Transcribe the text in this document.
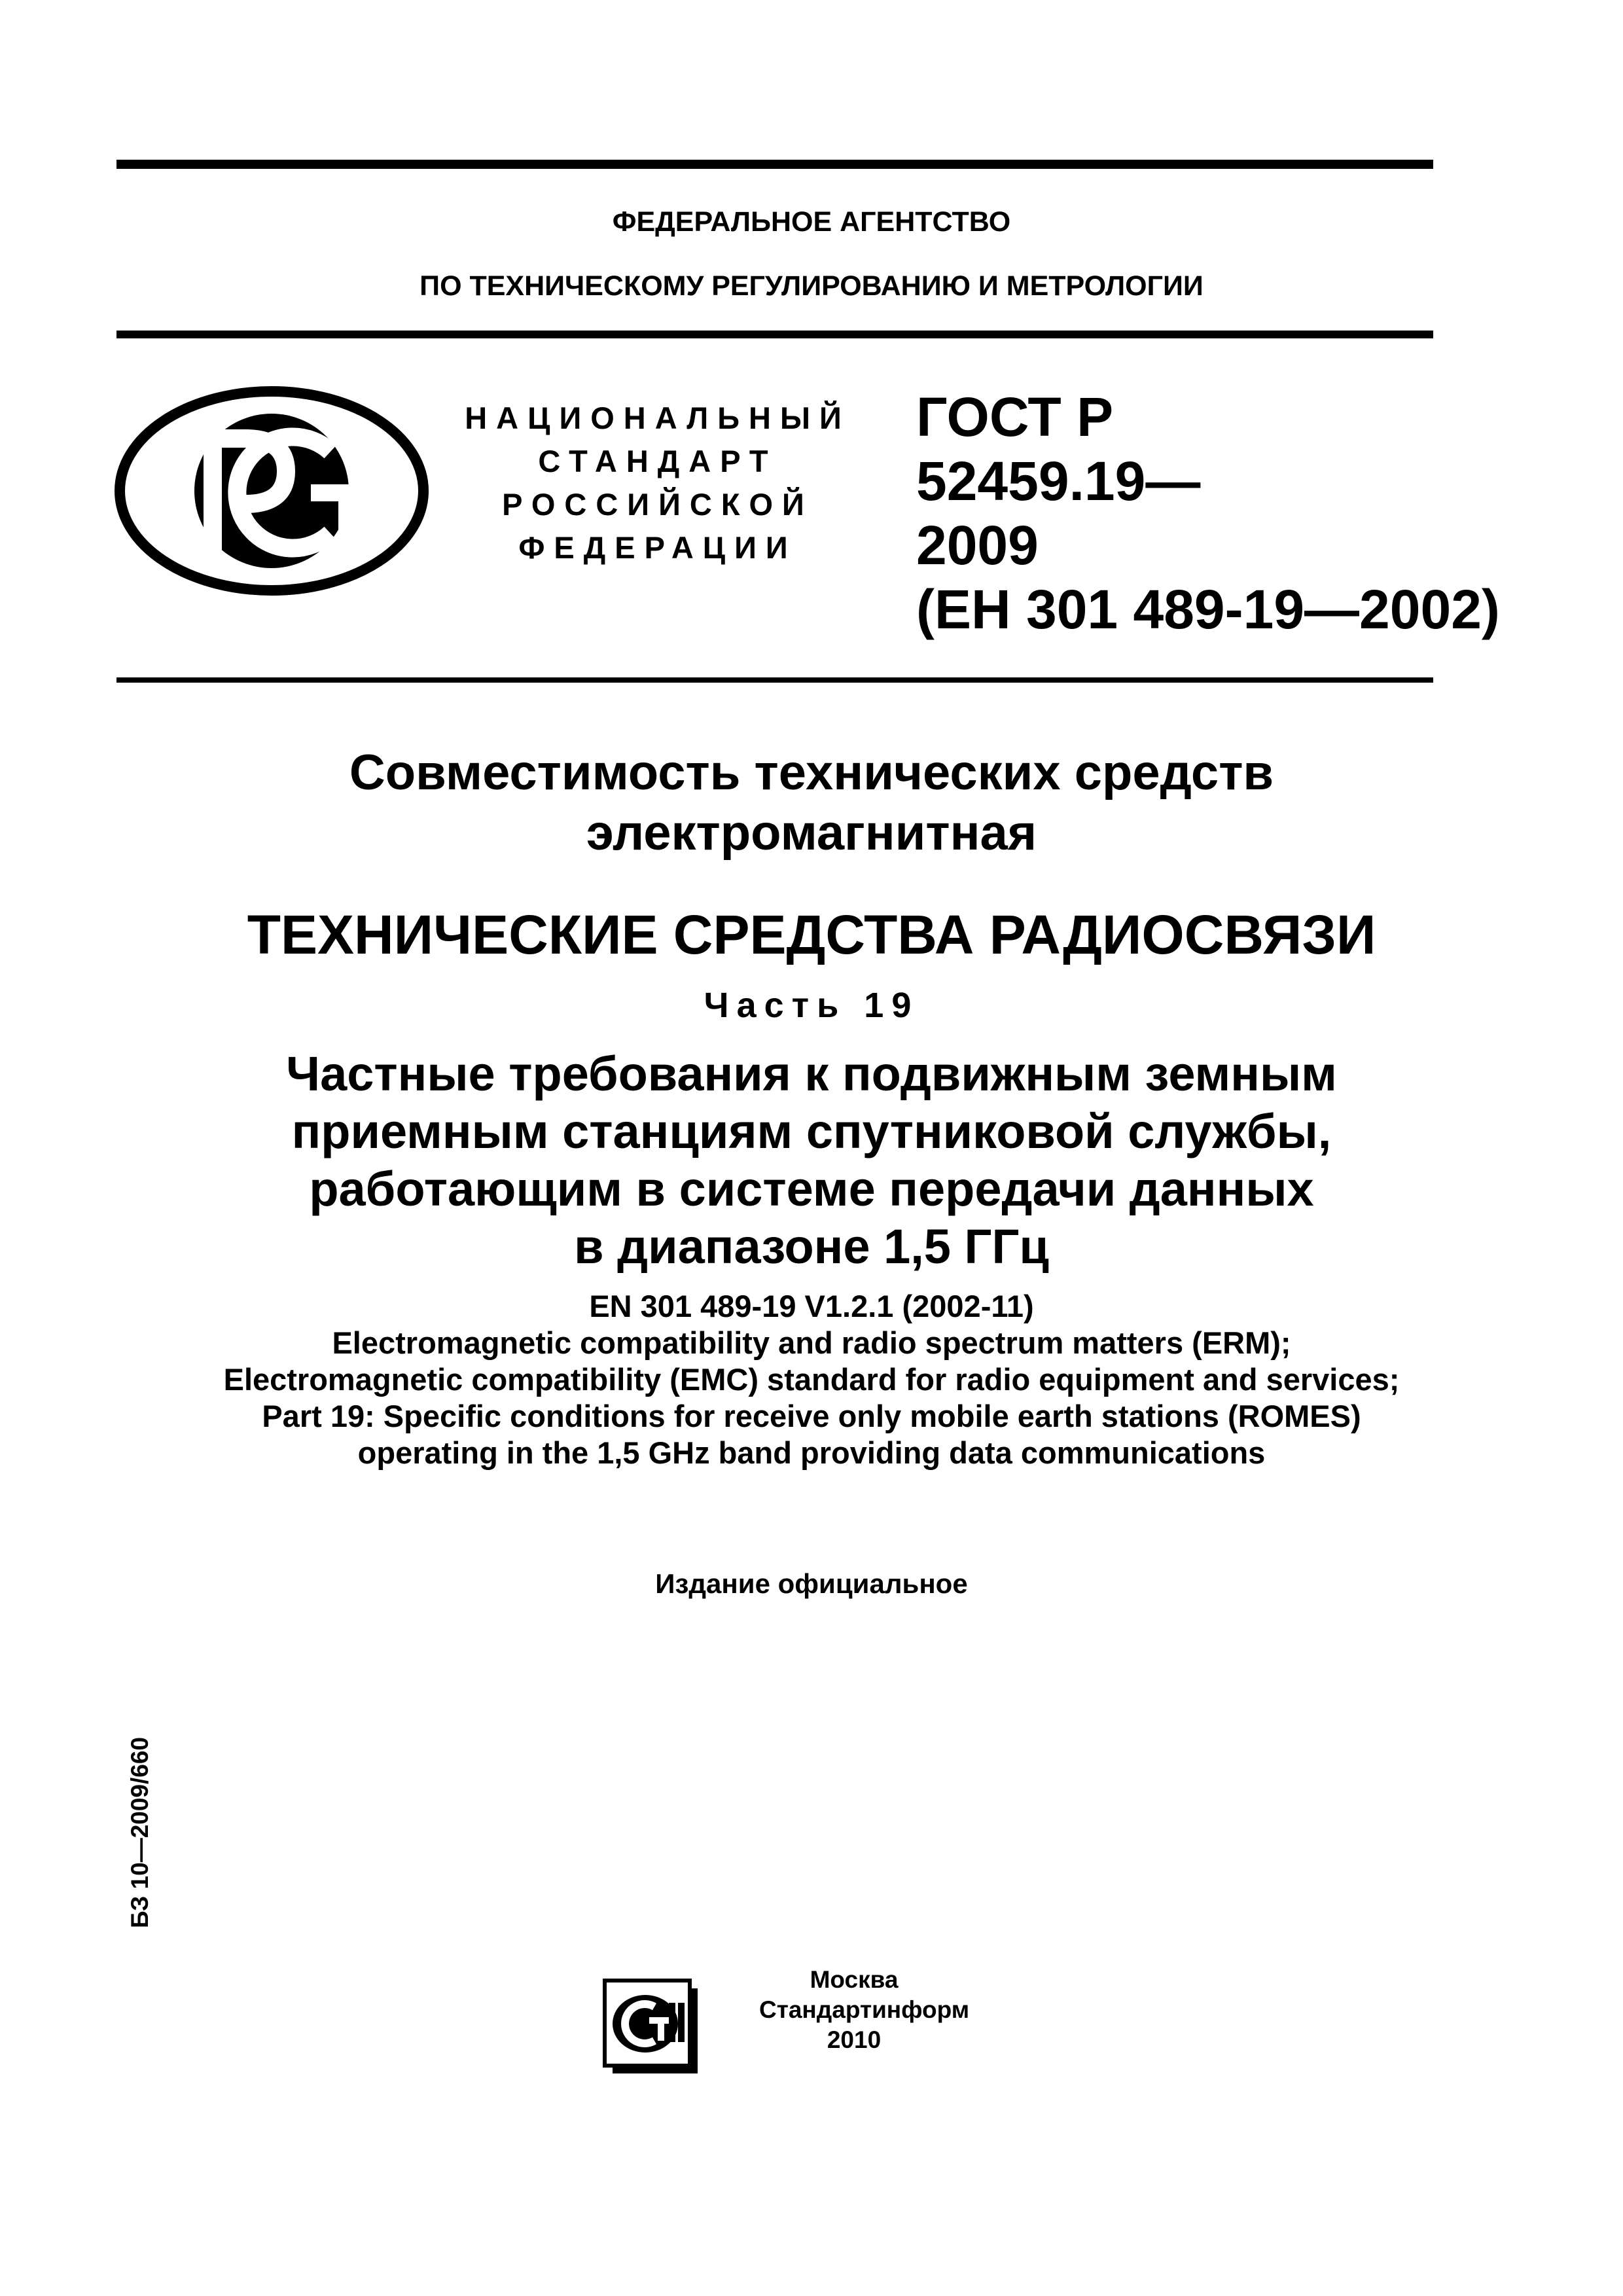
ФЕДЕРАЛЬНОЕ АГЕНТСТВО
ПО ТЕХНИЧЕСКОМУ РЕГУЛИРОВАНИЮ И МЕТРОЛОГИИ
НАЦИОНАЛЬНЫЙ
СТАНДАРТ
РОССИЙСКОЙ
ФЕДЕРАЦИИ
ГОСТ Р
52459.19—
2009
(ЕН 301 489-19—2002)
Совместимость технических средств
электромагнитная
ТЕХНИЧЕСКИЕ СРЕДСТВА РАДИОСВЯЗИ
Часть 19
Частные требования к подвижным земным
приемным станциям спутниковой службы,
работающим в системе передачи данных
в диапазоне 1,5 ГГц
EN 301 489-19 V1.2.1 (2002-11)
Electromagnetic compatibility and radio spectrum matters (ERM);
Electromagnetic compatibility (EMC) standard for radio equipment and services;
Part 19: Specific conditions for receive only mobile earth stations (ROMES)
operating in the 1,5 GHz band providing data communications
Издание официальное
БЗ 10—2009/660
Москва
Стандартинформ
2010
